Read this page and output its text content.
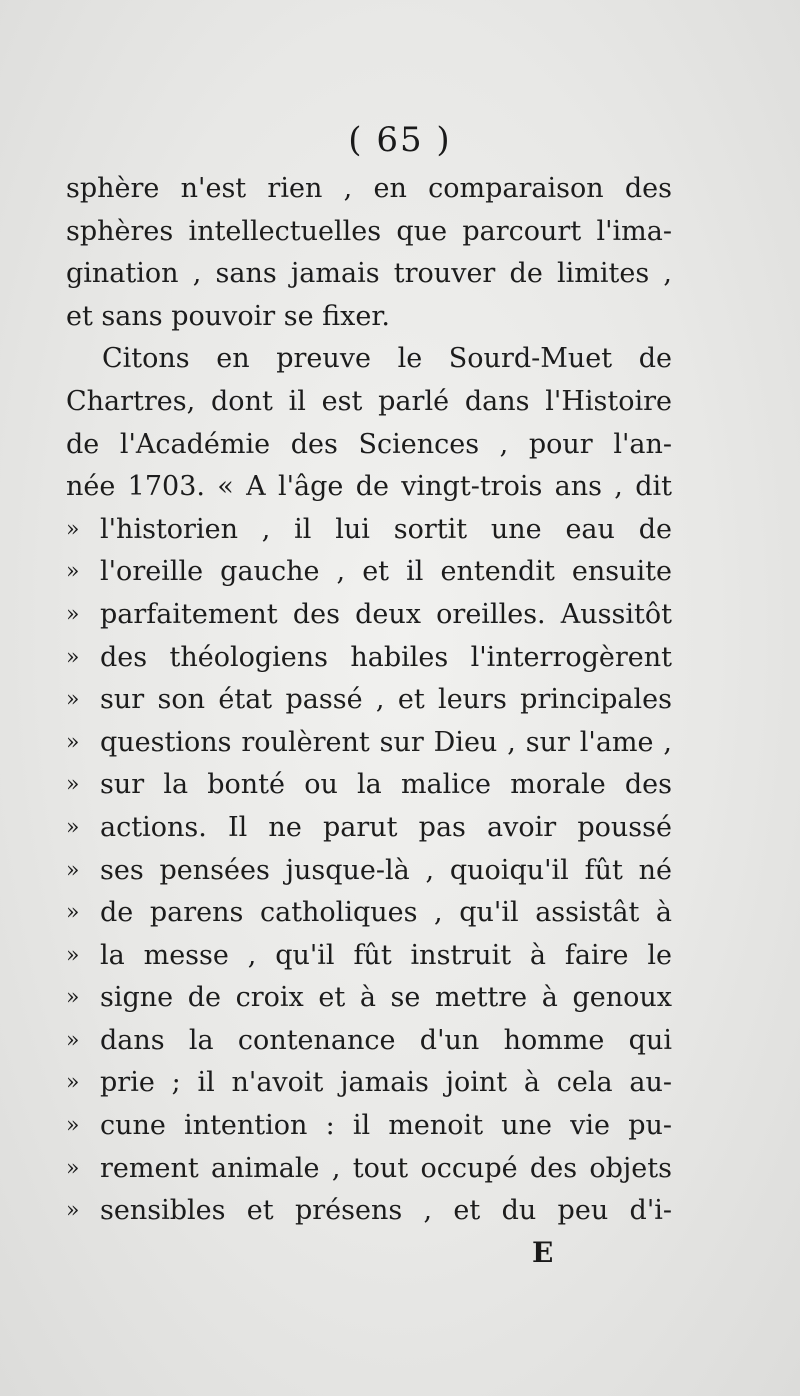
( 65 )
sphère n'est rien , en comparaison des
sphères intellectuelles que parcourt l'ima-
gination , sans jamais trouver de limites ,
et sans pouvoir se fixer.
Citons en preuve le Sourd-Muet de
Chartres, dont il est parlé dans l'Histoire
de l'Académie des Sciences , pour l'an-
née 1703. « A l'âge de vingt-trois ans , dit
» l'historien , il lui sortit une eau de
» l'oreille gauche , et il entendit ensuite
» parfaitement des deux oreilles. Aussitôt
» des théologiens habiles l'interrogèrent
» sur son état passé , et leurs principales
» questions roulèrent sur Dieu , sur l'ame ,
» sur la bonté ou la malice morale des
» actions. Il ne parut pas avoir poussé
» ses pensées jusque-là , quoiqu'il fût né
» de parens catholiques , qu'il assistât à
» la messe , qu'il fût instruit à faire le
» signe de croix et à se mettre à genoux
» dans la contenance d'un homme qui
» prie ; il n'avoit jamais joint à cela au-
» cune intention : il menoit une vie pu-
» rement animale , tout occupé des objets
» sensibles et présens , et du peu d'i-
E
